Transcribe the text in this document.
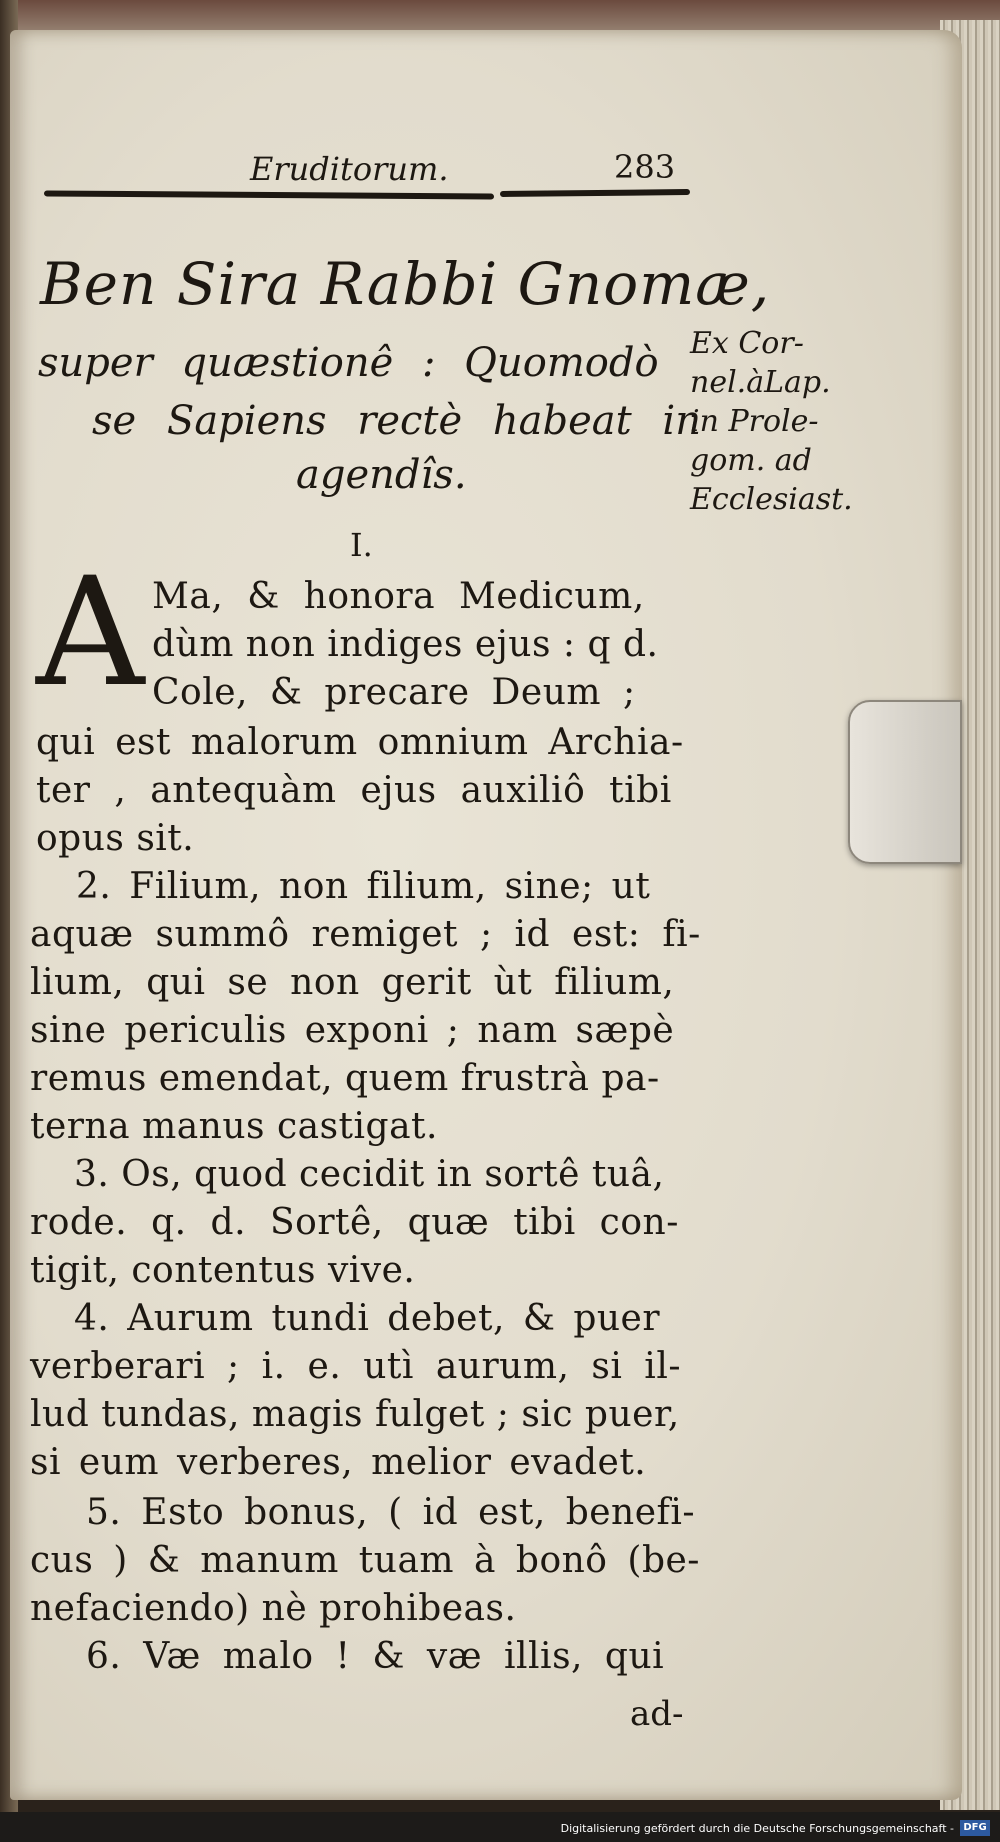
Eruditorum.	283
Ben Sira Rabbi Gnomæ,
super quæstionê : Quomodò
se Sapiens rectè habeat in
agendîs.
Ex Cor-
nel.àLap.
in Prole-
gom. ad
Ecclesiast.
I.
A Ma, & honora Medicum,
dùm non indiges ejus : q d.
Cole, & precare Deum ;
qui est malorum omnium Archia-
ter , antequàm ejus auxiliô tibi
opus sit.
2. Filium, non filium, sine; ut
aquæ summô remiget ; id est: fi-
lium, qui se non gerit ùt filium,
sine periculis exponi ; nam sæpè
remus emendat, quem frustrà pa-
terna manus castigat.
3. Os, quod cecidit in sortê tuâ,
rode. q. d. Sortê, quæ tibi con-
tigit, contentus vive.
4. Aurum tundi debet, & puer
verberari ; i. e. utì aurum, si il-
lud tundas, magis fulget ; sic puer,
si eum verberes, melior evadet.
5. Esto bonus, ( id est, benefi-
cus ) & manum tuam à bonô (be-
nefaciendo) nè prohibeas.
6. Væ malo ! & væ illis, qui
ad-
Digitalisierung gefördert durch die Deutsche Forschungsgemeinschaft - DFG
